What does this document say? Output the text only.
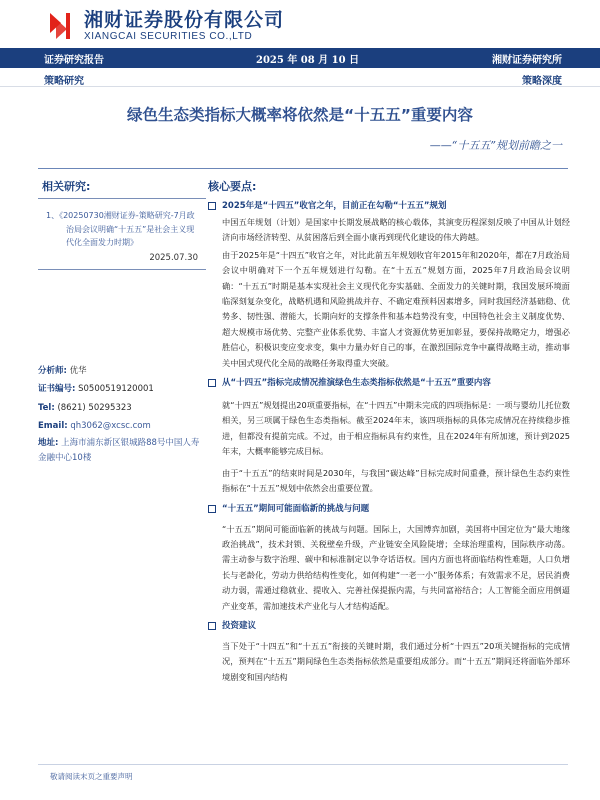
湘财证券股份有限公司
XIANGCAI SECURITIES CO.,LTD
证券研究报告	2025 年 08 月 10 日	湘财证券研究所
策略研究	策略深度
绿色生态类指标大概率将依然是“十五五”重要内容
——“十五五”规划前瞻之一
相关研究:
1、《20250730湘财证券-策略研究-7月政治局会议明确“十五五”是社会主义现代化全面发力时期》
2025.07.30
分析师: 优华
证书编号: S0500519120001
Tel: (8621) 50295323
Email: qh3062@xcsc.com
地址: 上海市浦东新区银城路88号中国人寿金融中心10楼
核心要点:
2025年是“十四五”收官之年，目前正在勾勒“十五五”规划
中国五年规划（计划）是国家中长期发展战略的核心载体，其演变历程深刻反映了中国从计划经济向市场经济转型、从贫困落后到全面小康再到现代化建设的伟大跨越。
由于2025年是“十四五”收官之年，对比此前五年规划收官年2015年和2020年，都在7月政治局会议中明确对下一个五年规划进行勾勒。在“十五五”规划方面，2025年7月政治局会议明确：“十五五”时期是基本实现社会主义现代化夯实基础、全面发力的关键时期，我国发展环境面临深刻复杂变化，战略机遇和风险挑战并存、不确定难预料因素增多，同时我国经济基础稳、优势多、韧性强、潜能大，长期向好的支撑条件和基本趋势没有变，中国特色社会主义制度优势、超大规模市场优势、完整产业体系优势、丰富人才资源优势更加彰显，要保持战略定力，增强必胜信心，积极识变应变求变，集中力量办好自己的事，在激烈国际竞争中赢得战略主动，推动事关中国式现代化全局的战略任务取得重大突破。
从“十四五”指标完成情况推演绿色生态类指标依然是“十五五”重要内容
就“十四五”规划提出20项重要指标，在“十四五”中期未完成的四项指标是：一项与婴幼儿托位数相关，另三项属于绿色生态类指标。截至2024年末，该四项指标的具体完成情况在持续稳步推进，但都没有提前完成。不过，由于相应指标具有约束性，且在2024年有所加速，预计到2025年末，大概率能够完成目标。
由于“十五五”的结束时间是2030年，与我国“碳达峰”目标完成时间重叠，预计绿色生态约束性指标在“十五五”规划中依然会出重要位置。
“十五五”期间可能面临新的挑战与问题
“十五五”期间可能面临新的挑战与问题。国际上，大国博弈加剧，美国将中国定位为“最大地缘政治挑战”，技术封锁、关税壁垒升级，产业链安全风险陡增；全球治理重构，国际秩序动荡。需主动参与数字治理、碳中和标准制定以争夺话语权。国内方面也将面临结构性难题，人口负增长与老龄化，劳动力供给结构性变化，如何构建“一老一小”服务体系；有效需求不足，居民消费动力弱，需通过稳就业、提收入、完善社保提振内需，与共同富裕结合；人工智能全面应用倒逼产业变革，需加速技术产业化与人才结构适配。
投资建议
当下处于“十四五”和“十五五”衔接的关键时期，我们通过分析“十四五”20项关键指标的完成情况，预判在“十五五”期间绿色生态类指标依然是重要组成部分。而“十五五”期间还将面临外部环境剧变和国内结构
敬请阅读末页之重要声明
